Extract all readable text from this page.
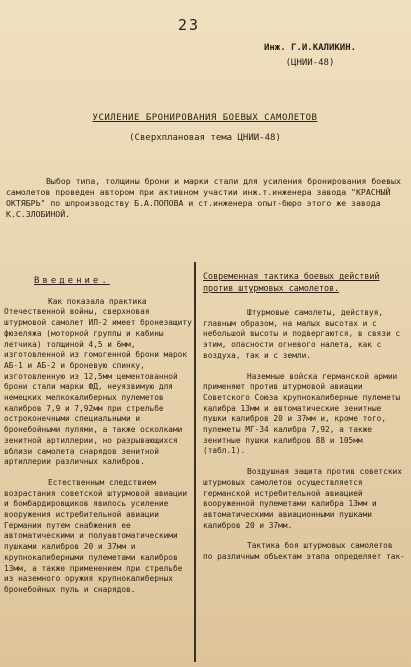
23
Инж. Г.И.КАЛИКИН.
(ЦНИИ-48)
УСИЛЕНИЕ БРОНИРОВАНИЯ БОЕВЫХ САМОЛЕТОВ
(Сверхплановая тема ЦНИИ-48)

Выбор типа, толщины брони и марки стали для усиления бронирования боевых самолетов проведен автором при активном участии инж.т.инженера завода "КРАСНЫЙ ОКТЯБРЬ" по шпроизводству Б.А.ПОПОВА и ст.инженера опыт-бюро этого же завода К.С.ЗЛОБИНОЙ.

Введение.

Как показала практика Отечественной войны, сверхновая штурмовой самолет ИЛ-2 имеет бронезащиту фюзеляжа (моторной группы и кабины летчика) толщиной 4,5 и 6мм, изготовленной из гомогенной брони марок АБ-1 и АБ-2 и броневую спинку, изготовленную из 12,5мм цементованной брони стали марки ФД, неуязвимую для немецких мелкокалиберных пулеметов калибров 7,9 и 7,92мм при стрельбе остроконечными специальными и бронебойными пулями, а также осколками зенитной артиллерии, но разрывающихся вблизи самолета снарядов зенитной артиллерии различных калибров.

Естественным следствием возрастания советской штурмовой авиации и бомбардировщиков явилось усиление вооружения истребительной авиации Германии путем снабжения ее автоматическими и полуавтоматическими пушками калибров 20 и 37мм и крупнокалиберными пулеметами калибров 13мм, а также применением при стрельбе из наземного оружия крупнокалиберных бронебойных пуль и снарядов.

Современная тактика боевых действий против штурмовых самолетов.

Штурмовые самолеты, действуя, главным образом, на малых высотах и с небольшой высоты и подвергаются, в связи с этим, опасности огневого налета, как с воздуха, так и с земли.

Наземные войска германской армии применяют против штурмовой авиации Советского Союза крупнокалиберные пулеметы калибра 13мм и автоматические зенитные пушки калибров 20 и 37мм и, кроме того, пулеметы МГ-34 калибра 7,92, а также зенитные пушки калибров 88 и 105мм (табл.1).

Воздушная защита против советских штурмовых самолетов осуществляется германской истребительной авиацией вооруженной пулеметами калибра 13мм и автоматическими авиационными пушками калибров 20 и 37мм.

Тактика боя штурмовых самолетов по различным объектам этапа определяет так-
